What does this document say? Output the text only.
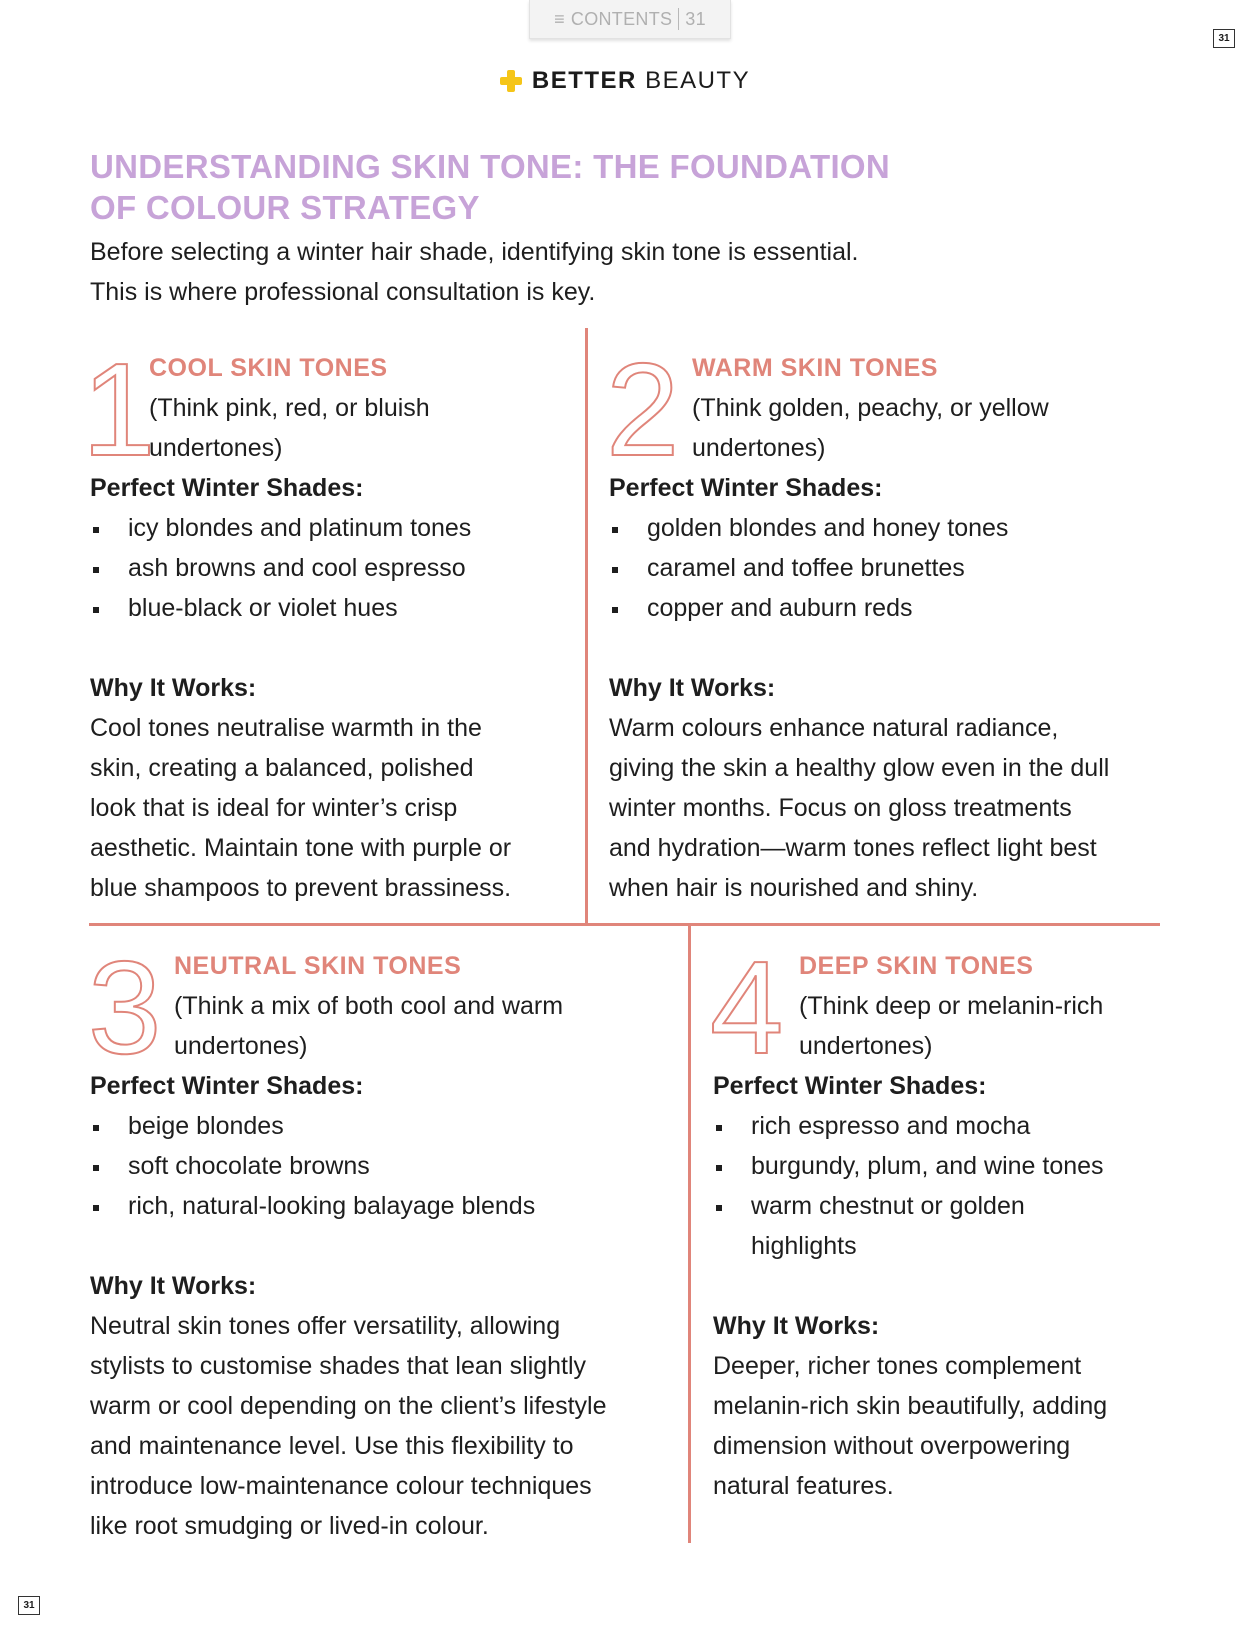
≡ CONTENTS 31
31
31
BETTER BEAUTY
UNDERSTANDING SKIN TONE: THE FOUNDATION
OF COLOUR STRATEGY
Before selecting a winter hair shade, identifying skin tone is essential.
This is where professional consultation is key.
1
COOL SKIN TONES
(Think pink, red, or bluish
undertones)
Perfect Winter Shades:
icy blondes and platinum tones
ash browns and cool espresso
blue-black or violet hues
Why It Works:
Cool tones neutralise warmth in the
skin, creating a balanced, polished
look that is ideal for winter’s crisp
aesthetic. Maintain tone with purple or
blue shampoos to prevent brassiness.
2 WARM SKIN TONES
(Think golden, peachy, or yellow
undertones)
Perfect Winter Shades:
golden blondes and honey tones
caramel and toffee brunettes
copper and auburn reds
Why It Works:
Warm colours enhance natural radiance,
giving the skin a healthy glow even in the dull
winter months. Focus on gloss treatments
and hydration—warm tones reflect light best
when hair is nourished and shiny.
3 NEUTRAL SKIN TONES
(Think a mix of both cool and warm
undertones)
Perfect Winter Shades:
beige blondes
soft chocolate browns
rich, natural-looking balayage blends
Why It Works:
Neutral skin tones offer versatility, allowing
stylists to customise shades that lean slightly
warm or cool depending on the client’s lifestyle
and maintenance level. Use this flexibility to
introduce low-maintenance colour techniques
like root smudging or lived-in colour.
4 DEEP SKIN TONES
(Think deep or melanin-rich
undertones)
Perfect Winter Shades:
rich espresso and mocha
burgundy, plum, and wine tones
warm chestnut or golden
highlights
Why It Works:
Deeper, richer tones complement
melanin-rich skin beautifully, adding
dimension without overpowering
natural features.
